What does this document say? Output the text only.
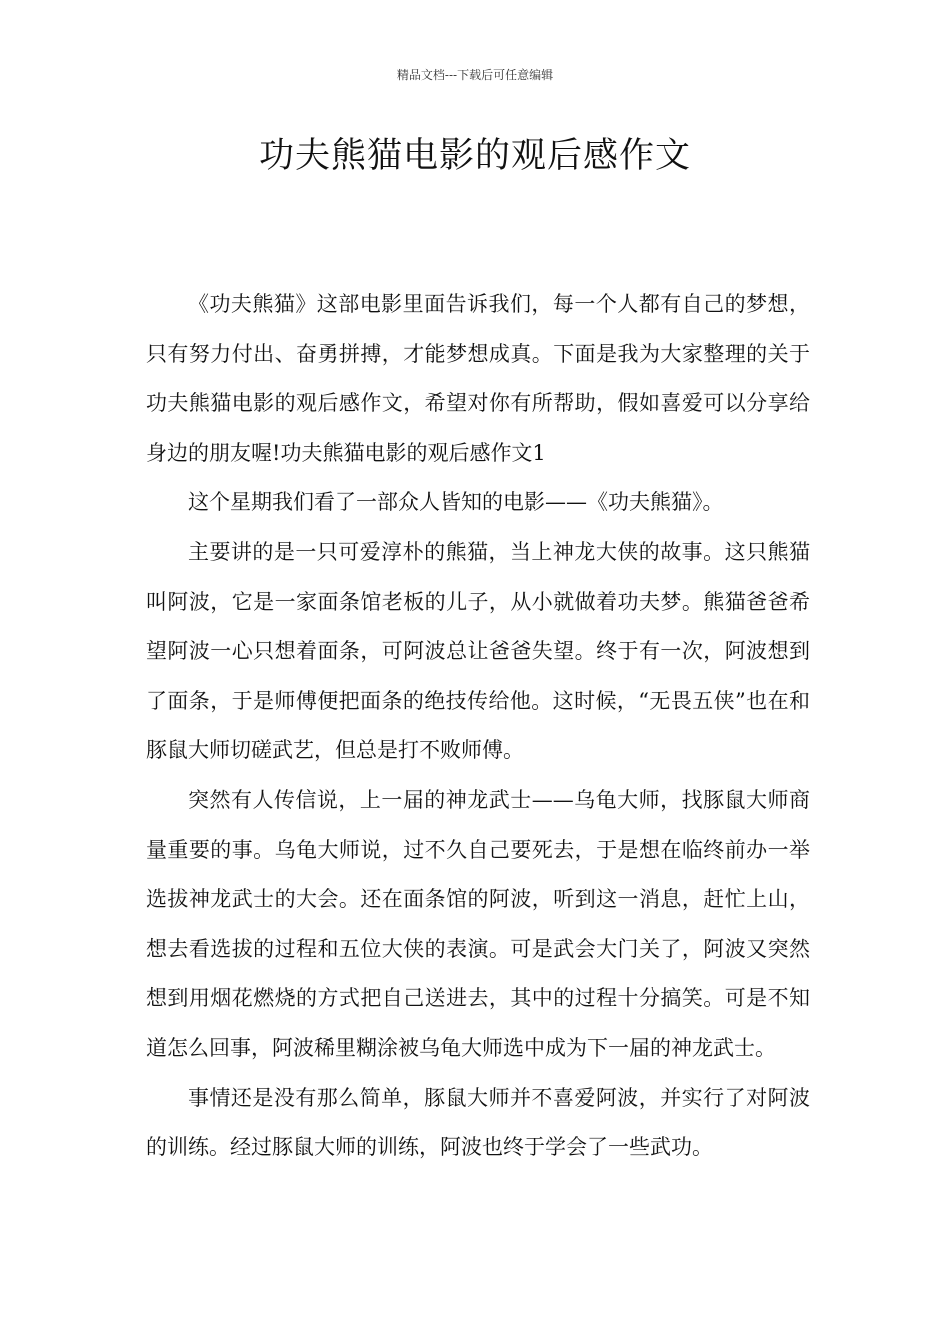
精品文档---下载后可任意编辑
功夫熊猫电影的观后感作文

《功夫熊猫》这部电影里面告诉我们，每一个人都有自己的梦想，只有努力付出、奋勇拼搏，才能梦想成真。下面是我为大家整理的关于功夫熊猫电影的观后感作文，希望对你有所帮助，假如喜爱可以分享给身边的朋友喔!功夫熊猫电影的观后感作文1

这个星期我们看了一部众人皆知的电影——《功夫熊猫》。

主要讲的是一只可爱淳朴的熊猫，当上神龙大侠的故事。这只熊猫叫阿波，它是一家面条馆老板的儿子，从小就做着功夫梦。熊猫爸爸希望阿波一心只想着面条，可阿波总让爸爸失望。终于有一次，阿波想到了面条，于是师傅便把面条的绝技传给他。这时候，“无畏五侠”也在和豚鼠大师切磋武艺，但总是打不败师傅。

突然有人传信说，上一届的神龙武士——乌龟大师，找豚鼠大师商量重要的事。乌龟大师说，过不久自己要死去，于是想在临终前办一举选拔神龙武士的大会。还在面条馆的阿波，听到这一消息，赶忙上山，想去看选拔的过程和五位大侠的表演。可是武会大门关了，阿波又突然想到用烟花燃烧的方式把自己送进去，其中的过程十分搞笑。可是不知道怎么回事，阿波稀里糊涂被乌龟大师选中成为下一届的神龙武士。

事情还是没有那么简单，豚鼠大师并不喜爱阿波，并实行了对阿波的训练。经过豚鼠大师的训练，阿波也终于学会了一些武功。
